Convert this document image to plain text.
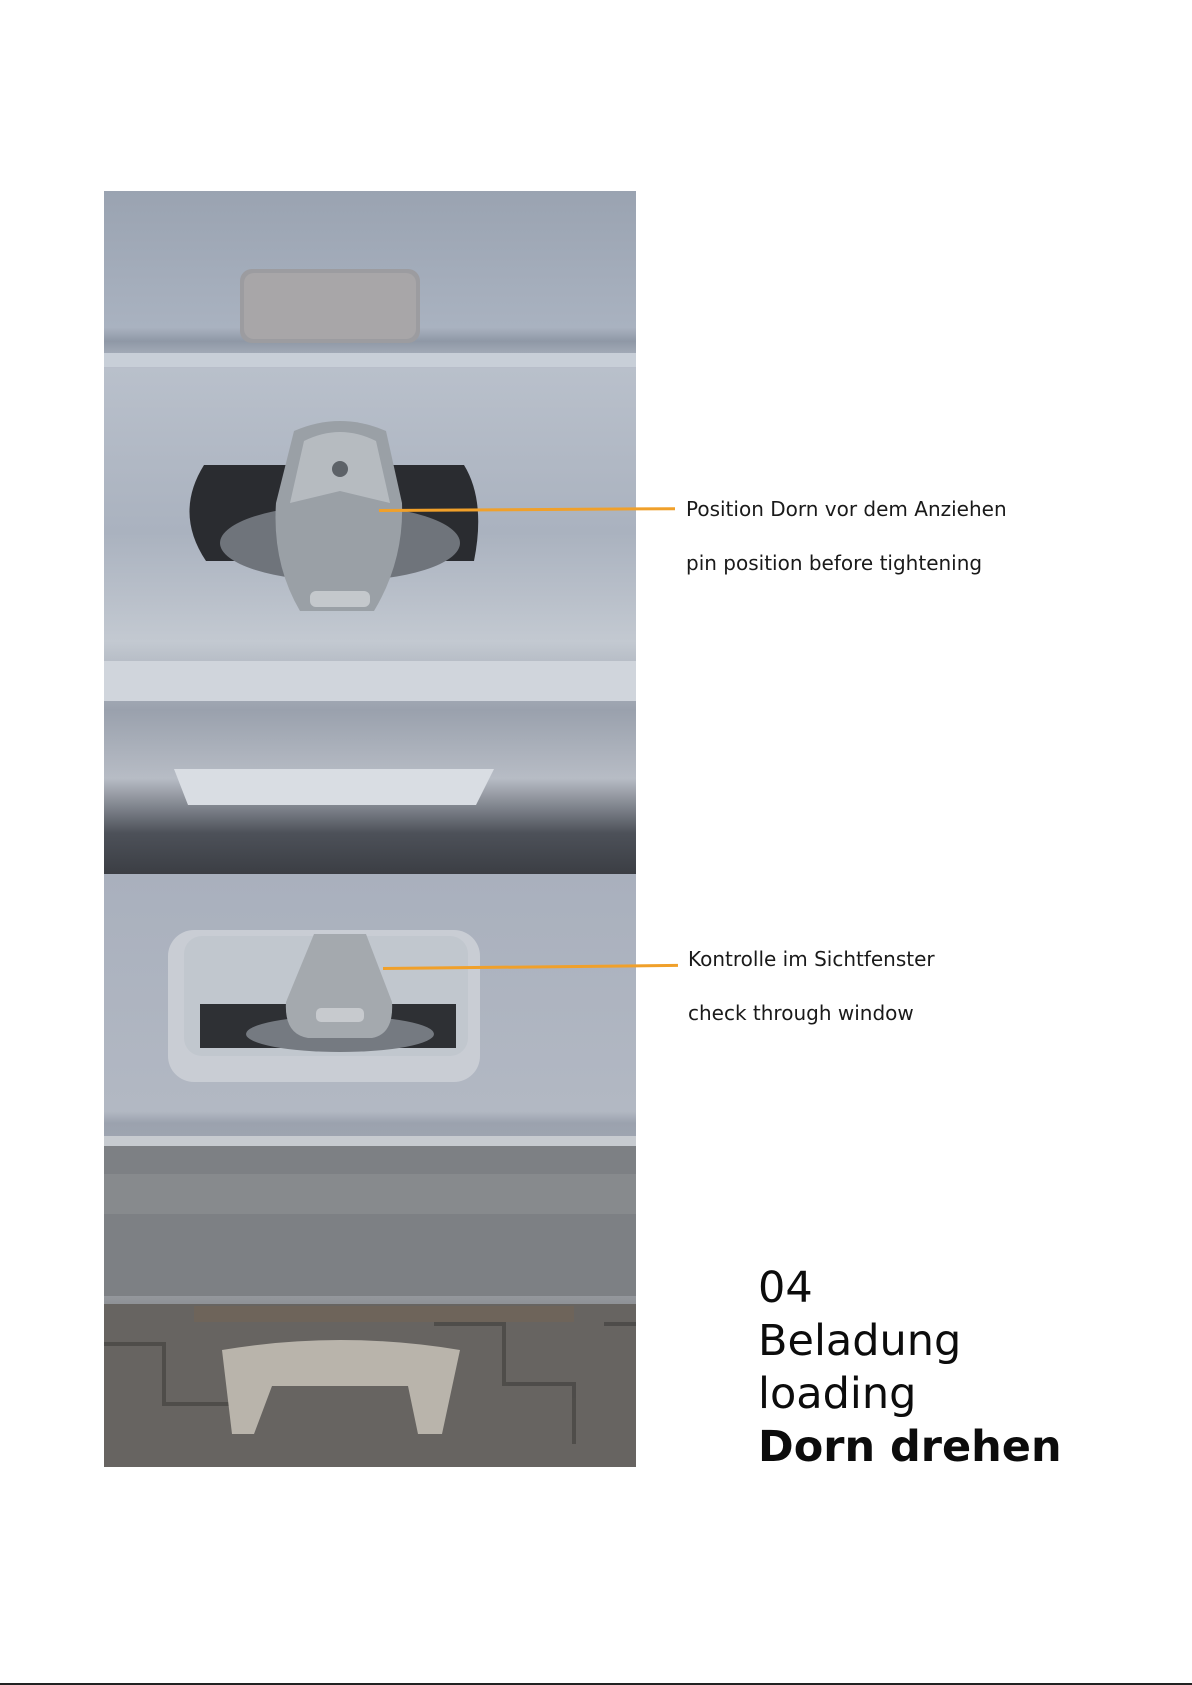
Position Dorn vor dem Anziehen
pin position before tightening
Kontrolle im Sichtfenster
check through window
04
Beladung
loading
Dorn drehen
